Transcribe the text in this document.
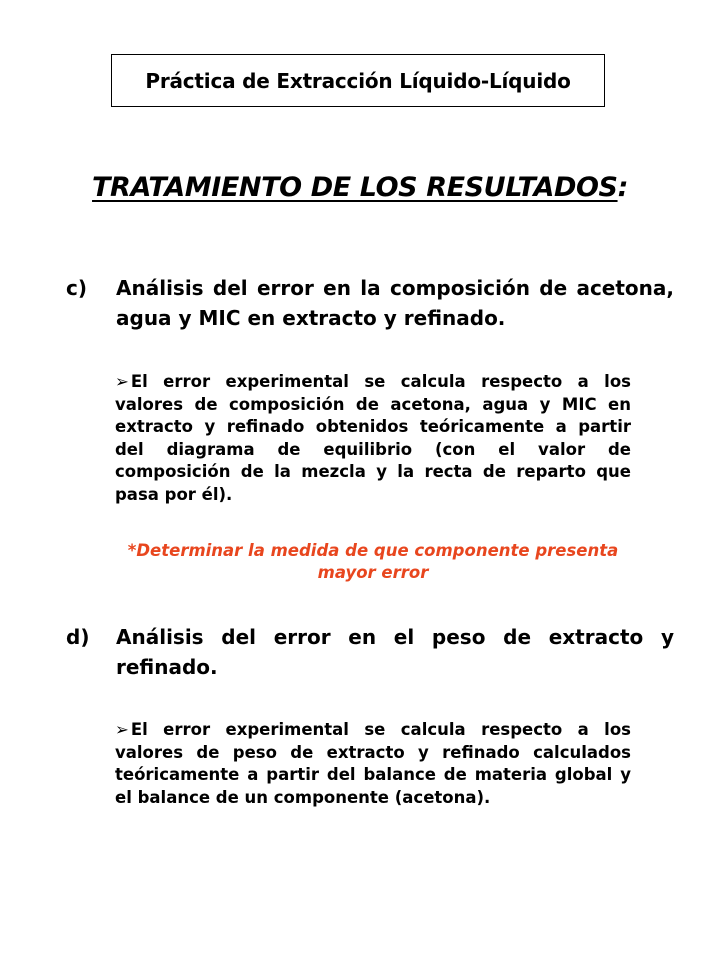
Práctica de Extracción Líquido-Líquido
TRATAMIENTO DE LOS RESULTADOS:
c)	Análisis del error en la composición de acetona, agua y MIC en extracto y refinado.
➢ El error experimental se calcula respecto a los valores de composición de acetona, agua y MIC en extracto y refinado obtenidos teóricamente a partir del diagrama de equilibrio (con el valor de composición de la mezcla y la recta de reparto que pasa por él).
*Determinar la medida de que componente presenta mayor error
d)	Análisis del error en el peso de extracto y refinado.
➢ El error experimental se calcula respecto a los valores de peso de extracto y refinado calculados teóricamente a partir del balance de materia global y el balance de un componente (acetona).
